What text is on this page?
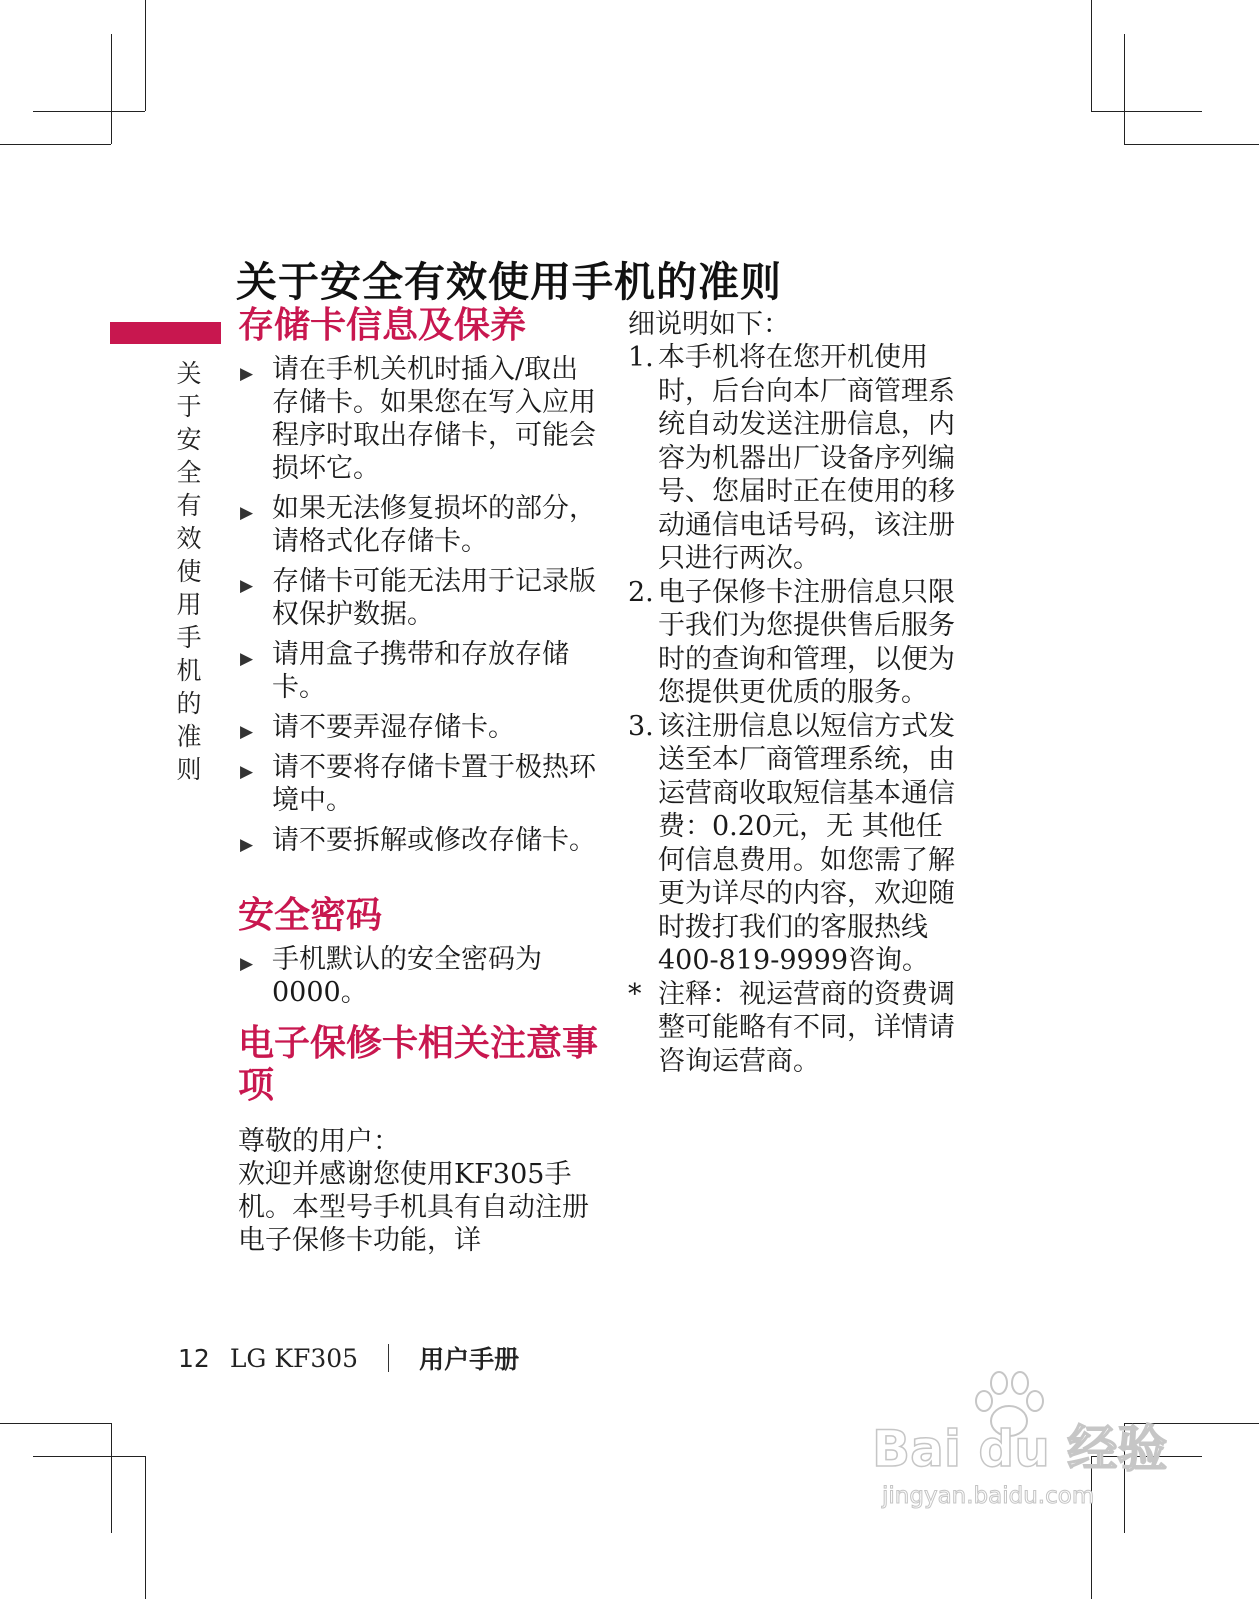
关于安全有效使用手机的准则
关于安全有效使用手机的准则
存储卡信息及保养
▶ 请在手机关机时插入/取出存储卡。如果您在写入应用程序时取出存储卡，可能会损坏它。
▶ 如果无法修复损坏的部分，请格式化存储卡。
▶ 存储卡可能无法用于记录版权保护数据。
▶ 请用盒子携带和存放存储卡。
▶ 请不要弄湿存储卡。
▶ 请不要将存储卡置于极热环境中。
▶ 请不要拆解或修改存储卡。
安全密码
▶ 手机默认的安全密码为0000。
电子保修卡相关注意事项

尊敬的用户：

欢迎并感谢您使用KF305手机。本型号手机具有自动注册电子保修卡功能，详

细说明如下：

1. 本手机将在您开机使用时，后台向本厂商管理系统自动发送注册信息，内容为机器出厂设备序列编号、您届时正在使用的移动通信电话号码，该注册只进行两次。
2. 电子保修卡注册信息只限于我们为您提供售后服务时的查询和管理，以便为您提供更优质的服务。
3. 该注册信息以短信方式发送至本厂商管理系统，由运营商收取短信基本通信费：0.20元，无 其他任何信息费用。如您需了解更为详尽的内容，欢迎随时拨打我们的客服热线400-819-9999咨询。
* 注释：视运营商的资费调整可能略有不同，详情请咨询运营商。
12 LG KF305 用户手册
Bai du 经验
jingyan.baidu.com
